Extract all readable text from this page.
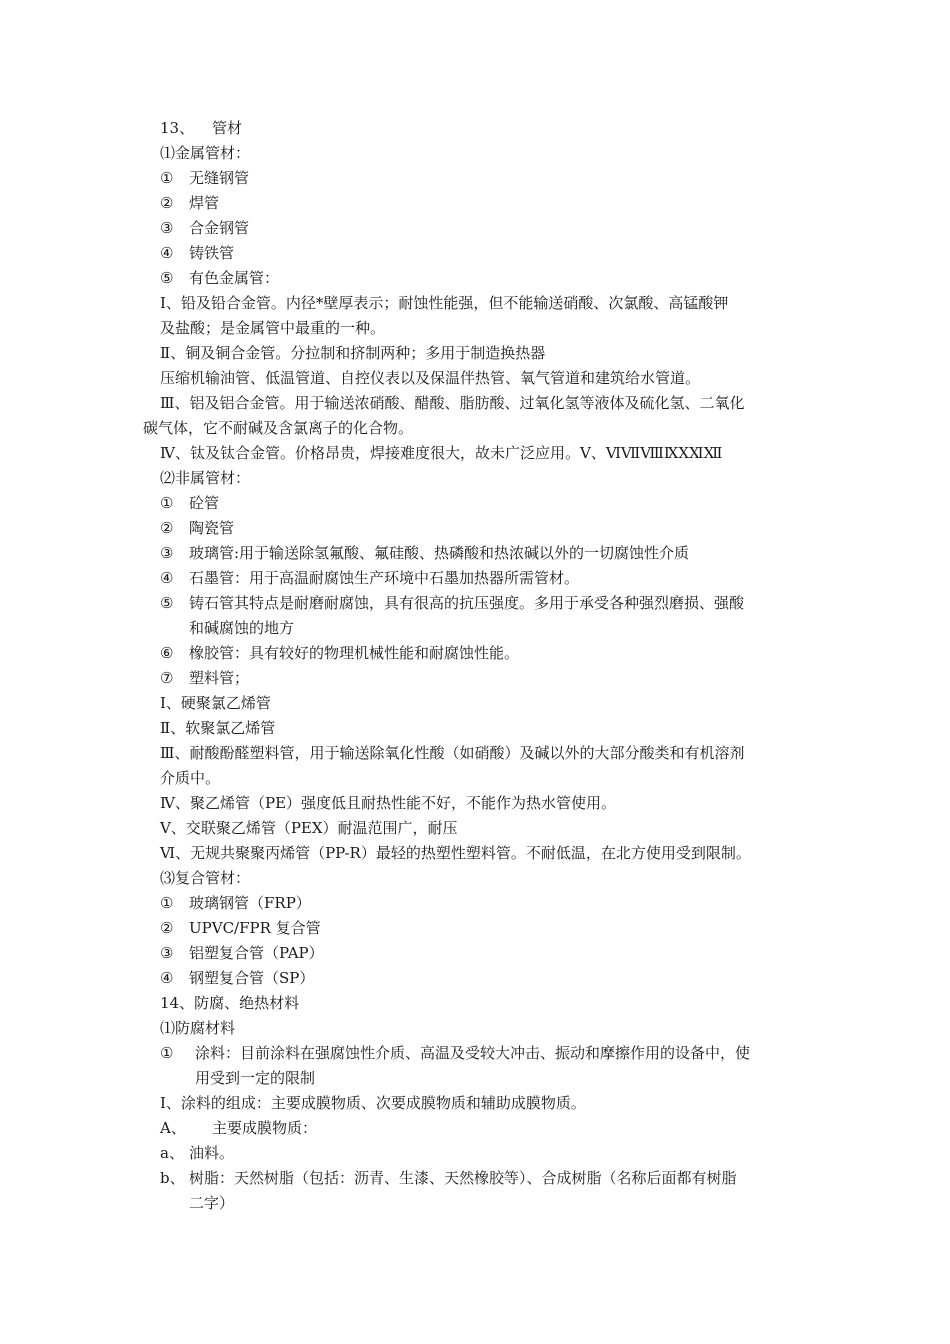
13、 管材
⑴金属管材：
① 无缝钢管
② 焊管
③ 合金钢管
④ 铸铁管
⑤ 有色金属管：
Ⅰ、铅及铅合金管。内径*壁厚表示；耐蚀性能强，但不能输送硝酸、次氯酸、高锰酸钾
及盐酸；是金属管中最重的一种。
Ⅱ、铜及铜合金管。分拉制和挤制两种；多用于制造换热器
压缩机输油管、低温管道、自控仪表以及保温伴热管、氧气管道和建筑给水管道。
Ⅲ、铝及铝合金管。用于输送浓硝酸、醋酸、脂肪酸、过氧化氢等液体及硫化氢、二氧化
碳气体，它不耐碱及含氯离子的化合物。
Ⅳ、钛及钛合金管。价格昂贵，焊接难度很大，故未广泛应用。Ⅴ、ⅥⅦⅧⅨⅩⅪⅫ
⑵非属管材：
① 砼管
② 陶瓷管
③ 玻璃管:用于输送除氢氟酸、氟硅酸、热磷酸和热浓碱以外的一切腐蚀性介质
④ 石墨管：用于高温耐腐蚀生产环境中石墨加热器所需管材。
⑤ 铸石管其特点是耐磨耐腐蚀，具有很高的抗压强度。多用于承受各种强烈磨损、强酸
和碱腐蚀的地方
⑥ 橡胶管：具有较好的物理机械性能和耐腐蚀性能。
⑦ 塑料管；
Ⅰ、硬聚氯乙烯管
Ⅱ、软聚氯乙烯管
Ⅲ、耐酸酚醛塑料管，用于输送除氧化性酸（如硝酸）及碱以外的大部分酸类和有机溶剂
介质中。
Ⅳ、聚乙烯管（PE）强度低且耐热性能不好，不能作为热水管使用。
Ⅴ、交联聚乙烯管（PEX）耐温范围广，耐压
Ⅵ、无规共聚聚丙烯管（PP-R）最轻的热塑性塑料管。不耐低温，在北方使用受到限制。
⑶复合管材：
① 玻璃钢管（FRP）
② UPVC/FPR 复合管
③ 铝塑复合管（PAP）
④ 钢塑复合管（SP）
14、防腐、绝热材料
⑴防腐材料
① 涂料：目前涂料在强腐蚀性介质、高温及受较大冲击、振动和摩擦作用的设备中，使
用受到一定的限制
Ⅰ、涂料的组成：主要成膜物质、次要成膜物质和辅助成膜物质。
A、 主要成膜物质：
a、 油料。
b、 树脂：天然树脂（包括：沥青、生漆、天然橡胶等）、合成树脂（名称后面都有树脂
二字）
